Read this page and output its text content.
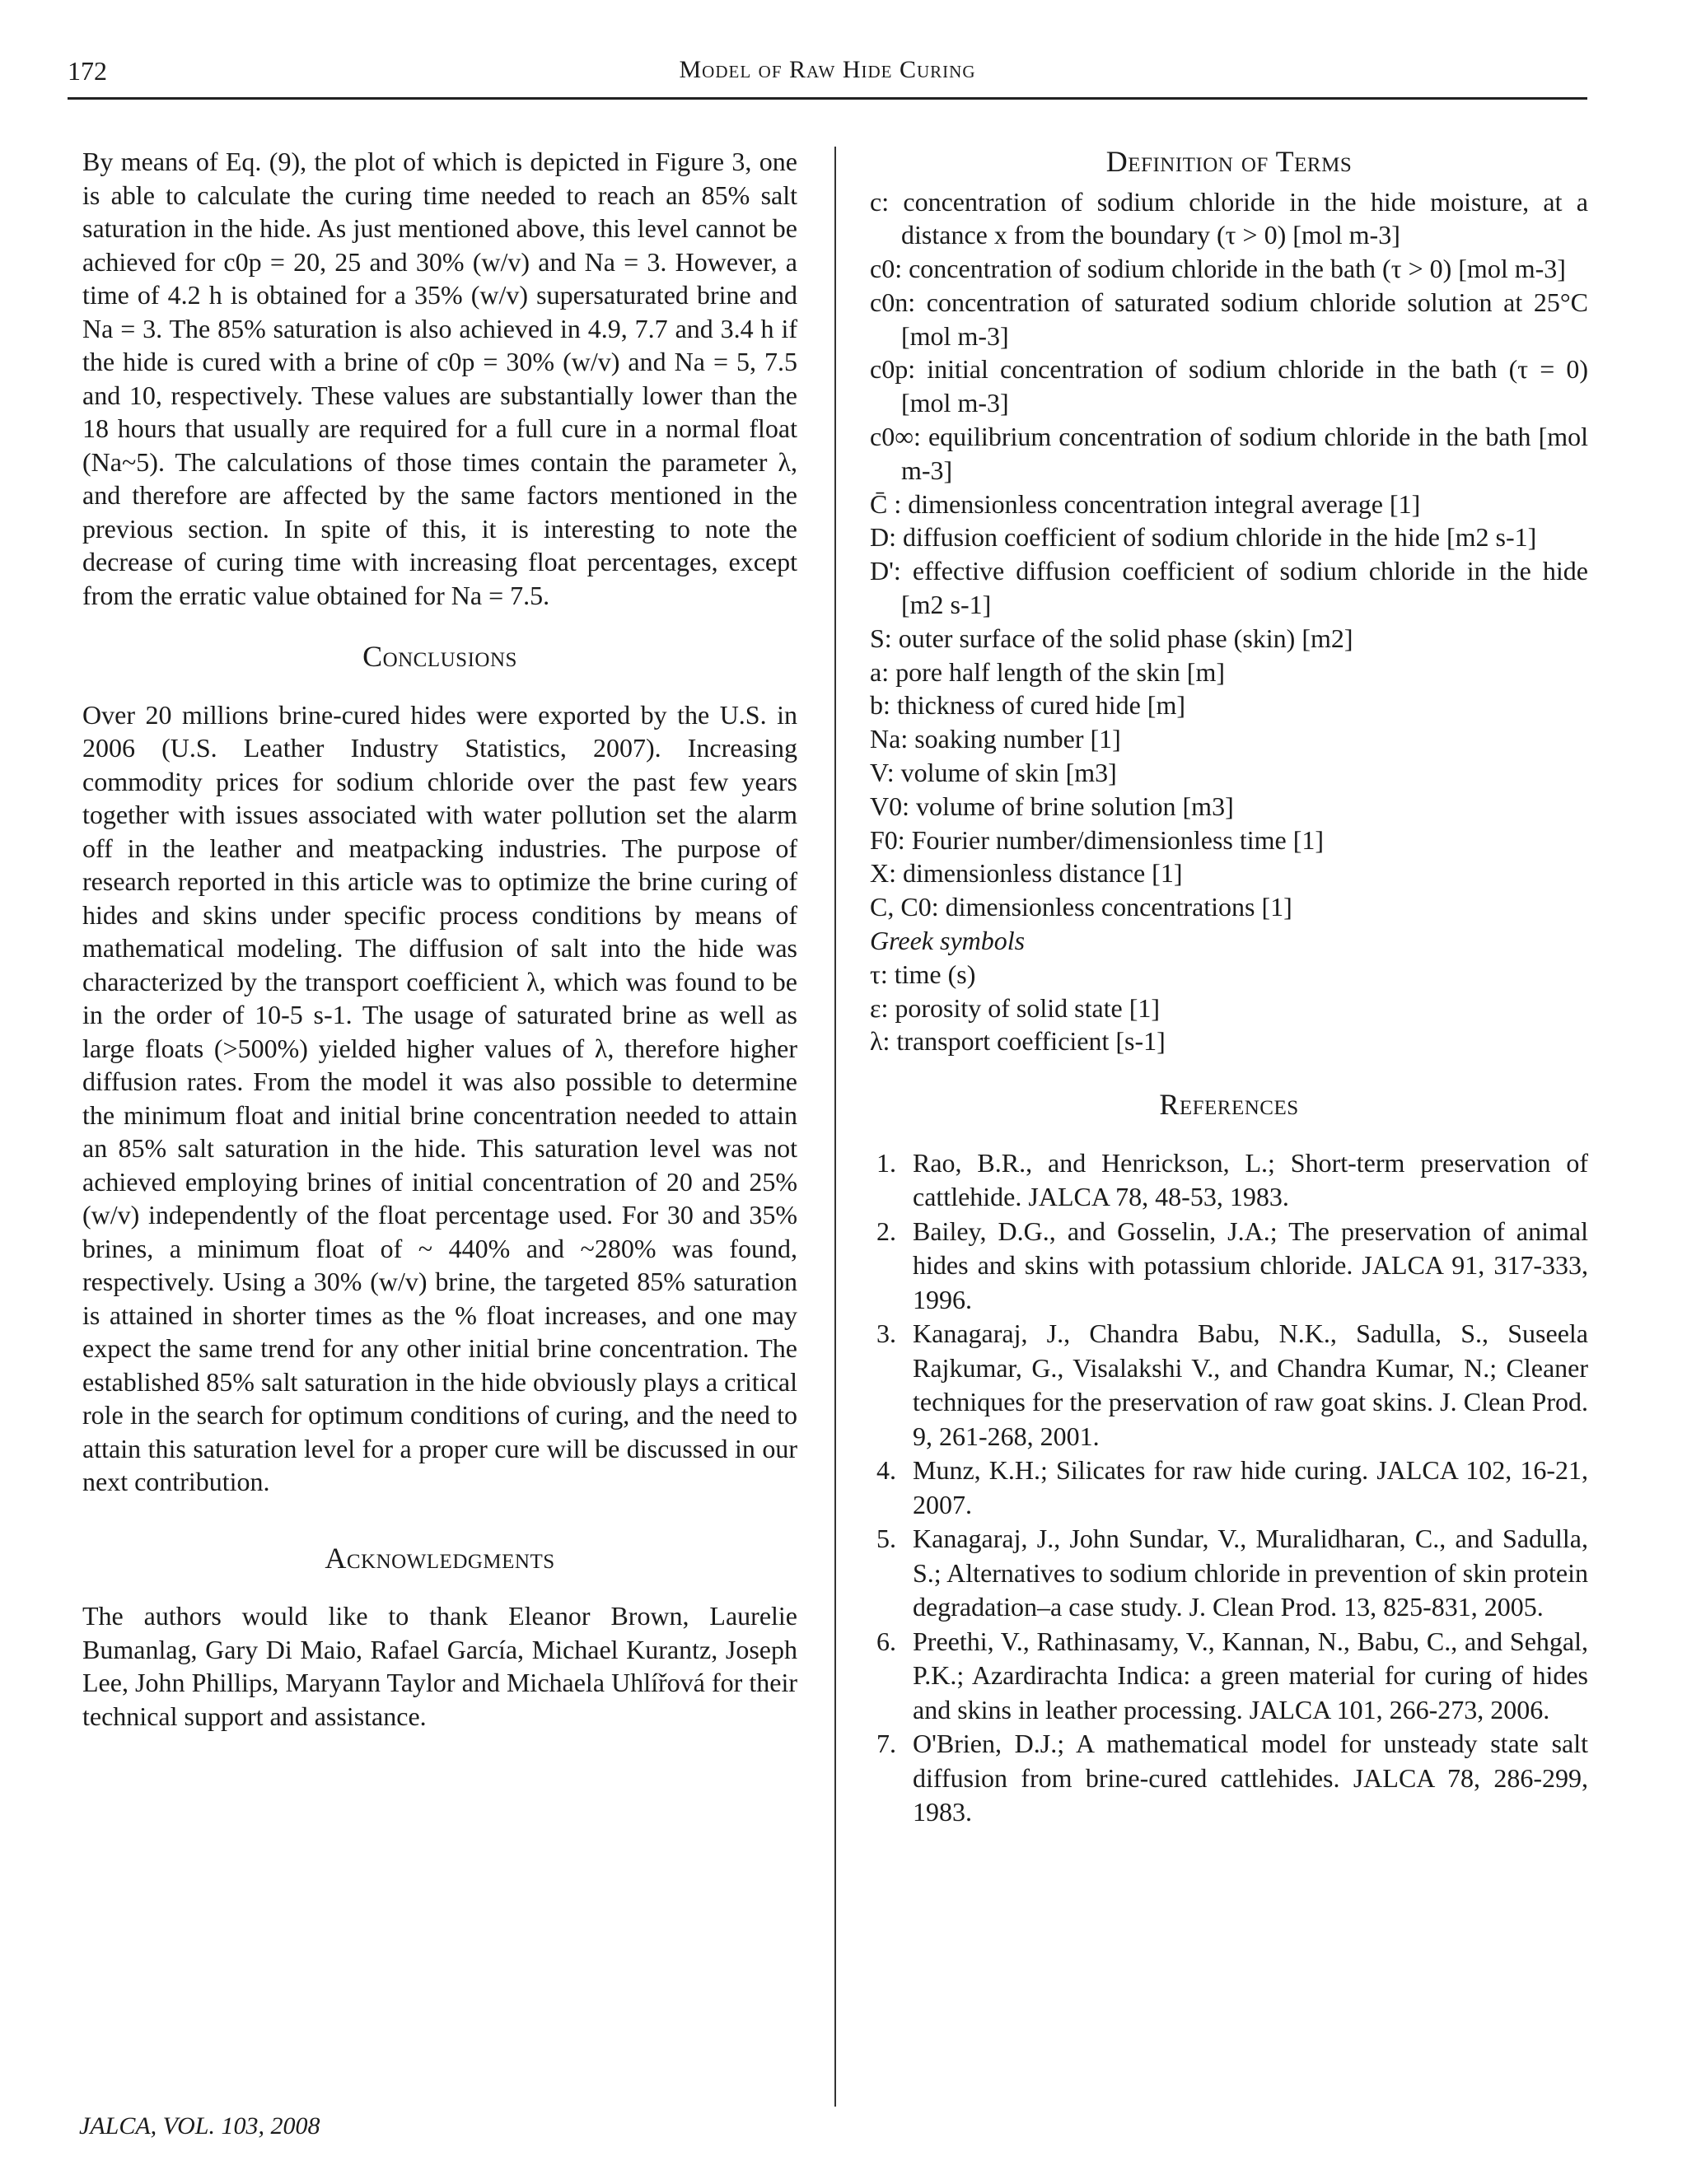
172	Model of Raw Hide Curing

By means of Eq. (9), the plot of which is depicted in Figure 3, one is able to calculate the curing time needed to reach an 85% salt saturation in the hide. As just mentioned above, this level cannot be achieved for c0p = 20, 25 and 30% (w/v) and Na = 3. However, a time of 4.2 h is obtained for a 35% (w/v) supersaturated brine and Na = 3. The 85% saturation is also achieved in 4.9, 7.7 and 3.4 h if the hide is cured with a brine of c0p = 30% (w/v) and Na = 5, 7.5 and 10, respectively. These values are substantially lower than the 18 hours that usually are required for a full cure in a normal float (Na~5). The calculations of those times contain the parameter λ, and therefore are affected by the same factors mentioned in the previous section. In spite of this, it is interesting to note the decrease of curing time with increasing float percentages, except from the erratic value obtained for Na = 7.5.

Conclusions

Over 20 millions brine-cured hides were exported by the U.S. in 2006 (U.S. Leather Industry Statistics, 2007). Increasing commodity prices for sodium chloride over the past few years together with issues associated with water pollution set the alarm off in the leather and meatpacking industries. The purpose of research reported in this article was to optimize the brine curing of hides and skins under specific process conditions by means of mathematical modeling. The diffusion of salt into the hide was characterized by the transport coefficient λ, which was found to be in the order of 10-5 s-1. The usage of saturated brine as well as large floats (>500%) yielded higher values of λ, therefore higher diffusion rates. From the model it was also possible to determine the minimum float and initial brine concentration needed to attain an 85% salt saturation in the hide. This saturation level was not achieved employing brines of initial concentration of 20 and 25% (w/v) independently of the float percentage used. For 30 and 35% brines, a minimum float of ~ 440% and ~280% was found, respectively. Using a 30% (w/v) brine, the targeted 85% saturation is attained in shorter times as the % float increases, and one may expect the same trend for any other initial brine concentration. The established 85% salt saturation in the hide obviously plays a critical role in the search for optimum conditions of curing, and the need to attain this saturation level for a proper cure will be discussed in our next contribution.

Acknowledgments

The authors would like to thank Eleanor Brown, Laurelie Bumanlag, Gary Di Maio, Rafael García, Michael Kurantz, Joseph Lee, John Phillips, Maryann Taylor and Michaela Uhlířová for their technical support and assistance.

Definition of Terms

c: concentration of sodium chloride in the hide moisture, at a distance x from the boundary (τ > 0) [mol m-3]

c0: concentration of sodium chloride in the bath (τ > 0) [mol m-3]

c0n: concentration of saturated sodium chloride solution at 25°C [mol m-3]

c0p: initial concentration of sodium chloride in the bath (τ = 0) [mol m-3]

c0∞: equilibrium concentration of sodium chloride in the bath [mol m-3]

C̄ : dimensionless concentration integral average [1]

D: diffusion coefficient of sodium chloride in the hide [m2 s-1]

D': effective diffusion coefficient of sodium chloride in the hide [m2 s-1]

S: outer surface of the solid phase (skin) [m2]

a: pore half length of the skin [m]

b: thickness of cured hide [m]

Na: soaking number [1]

V: volume of skin [m3]

V0: volume of brine solution [m3]

F0: Fourier number/dimensionless time [1]

X: dimensionless distance [1]

C, C0: dimensionless concentrations [1]

Greek symbols

τ: time (s)

ε: porosity of solid state [1]

λ: transport coefficient [s-1]

References
1. Rao, B.R., and Henrickson, L.; Short-term preservation of cattlehide. JALCA 78, 48-53, 1983.
2. Bailey, D.G., and Gosselin, J.A.; The preservation of animal hides and skins with potassium chloride. JALCA 91, 317-333, 1996.
3. Kanagaraj, J., Chandra Babu, N.K., Sadulla, S., Suseela Rajkumar, G., Visalakshi V., and Chandra Kumar, N.; Cleaner techniques for the preservation of raw goat skins. J. Clean Prod. 9, 261-268, 2001.
4. Munz, K.H.; Silicates for raw hide curing. JALCA 102, 16-21, 2007.
5. Kanagaraj, J., John Sundar, V., Muralidharan, C., and Sadulla, S.; Alternatives to sodium chloride in prevention of skin protein degradation–a case study. J. Clean Prod. 13, 825-831, 2005.
6. Preethi, V., Rathinasamy, V., Kannan, N., Babu, C., and Sehgal, P.K.; Azardirachta Indica: a green material for curing of hides and skins in leather processing. JALCA 101, 266-273, 2006.
7. O'Brien, D.J.; A mathematical model for unsteady state salt diffusion from brine-cured cattlehides. JALCA 78, 286-299, 1983.
JALCA, VOL. 103, 2008
